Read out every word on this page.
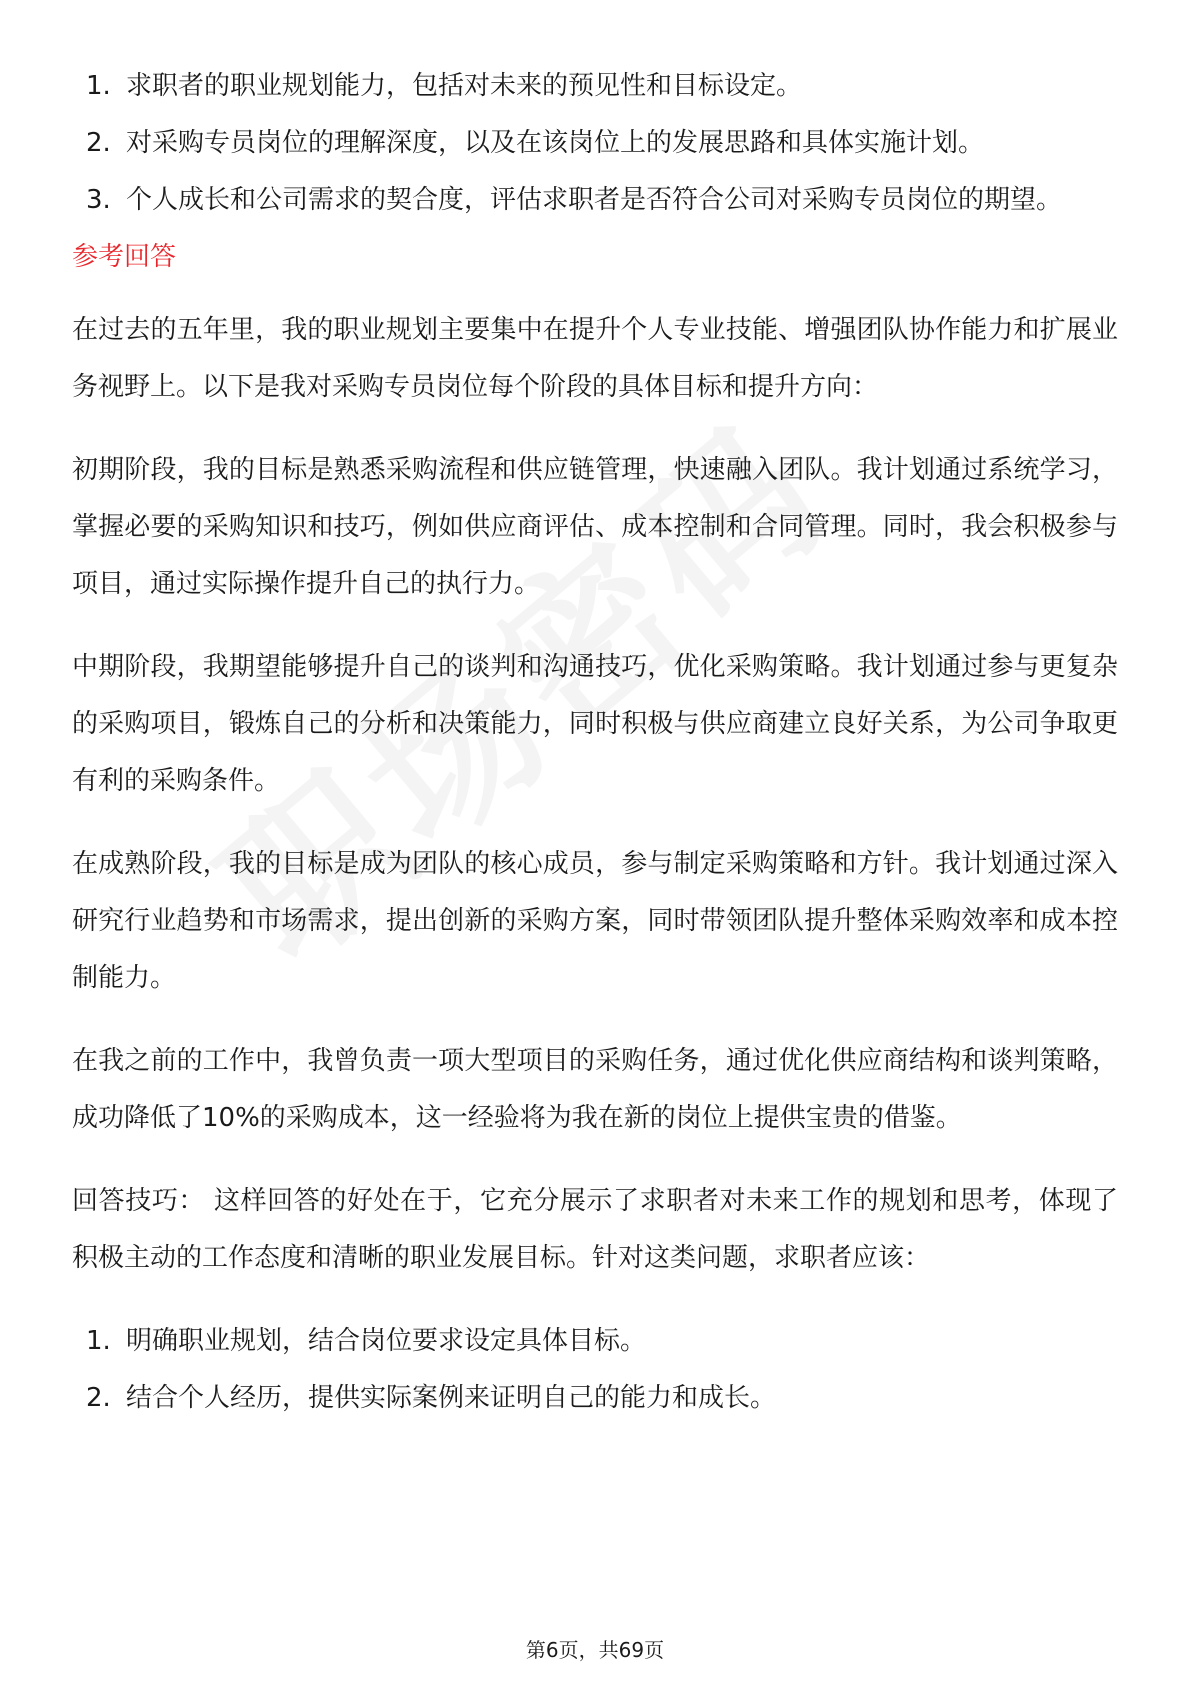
1. 求职者的职业规划能力，包括对未来的预见性和目标设定。
2. 对采购专员岗位的理解深度，以及在该岗位上的发展思路和具体实施计划。
3. 个人成长和公司需求的契合度，评估求职者是否符合公司对采购专员岗位的期望。
参考回答

在过去的五年里，我的职业规划主要集中在提升个人专业技能、增强团队协作能力和扩展业务视野上。以下是我对采购专员岗位每个阶段的具体目标和提升方向：

初期阶段，我的目标是熟悉采购流程和供应链管理，快速融入团队。我计划通过系统学习，掌握必要的采购知识和技巧，例如供应商评估、成本控制和合同管理。同时，我会积极参与项目，通过实际操作提升自己的执行力。

中期阶段，我期望能够提升自己的谈判和沟通技巧，优化采购策略。我计划通过参与更复杂的采购项目，锻炼自己的分析和决策能力，同时积极与供应商建立良好关系，为公司争取更有利的采购条件。

在成熟阶段，我的目标是成为团队的核心成员，参与制定采购策略和方针。我计划通过深入研究行业趋势和市场需求，提出创新的采购方案，同时带领团队提升整体采购效率和成本控制能力。

在我之前的工作中，我曾负责一项大型项目的采购任务，通过优化供应商结构和谈判策略，成功降低了10%的采购成本，这一经验将为我在新的岗位上提供宝贵的借鉴。

回答技巧： 这样回答的好处在于，它充分展示了求职者对未来工作的规划和思考，体现了积极主动的工作态度和清晰的职业发展目标。针对这类问题，求职者应该：

1. 明确职业规划，结合岗位要求设定具体目标。
2. 结合个人经历，提供实际案例来证明自己的能力和成长。
第6页，共69页
